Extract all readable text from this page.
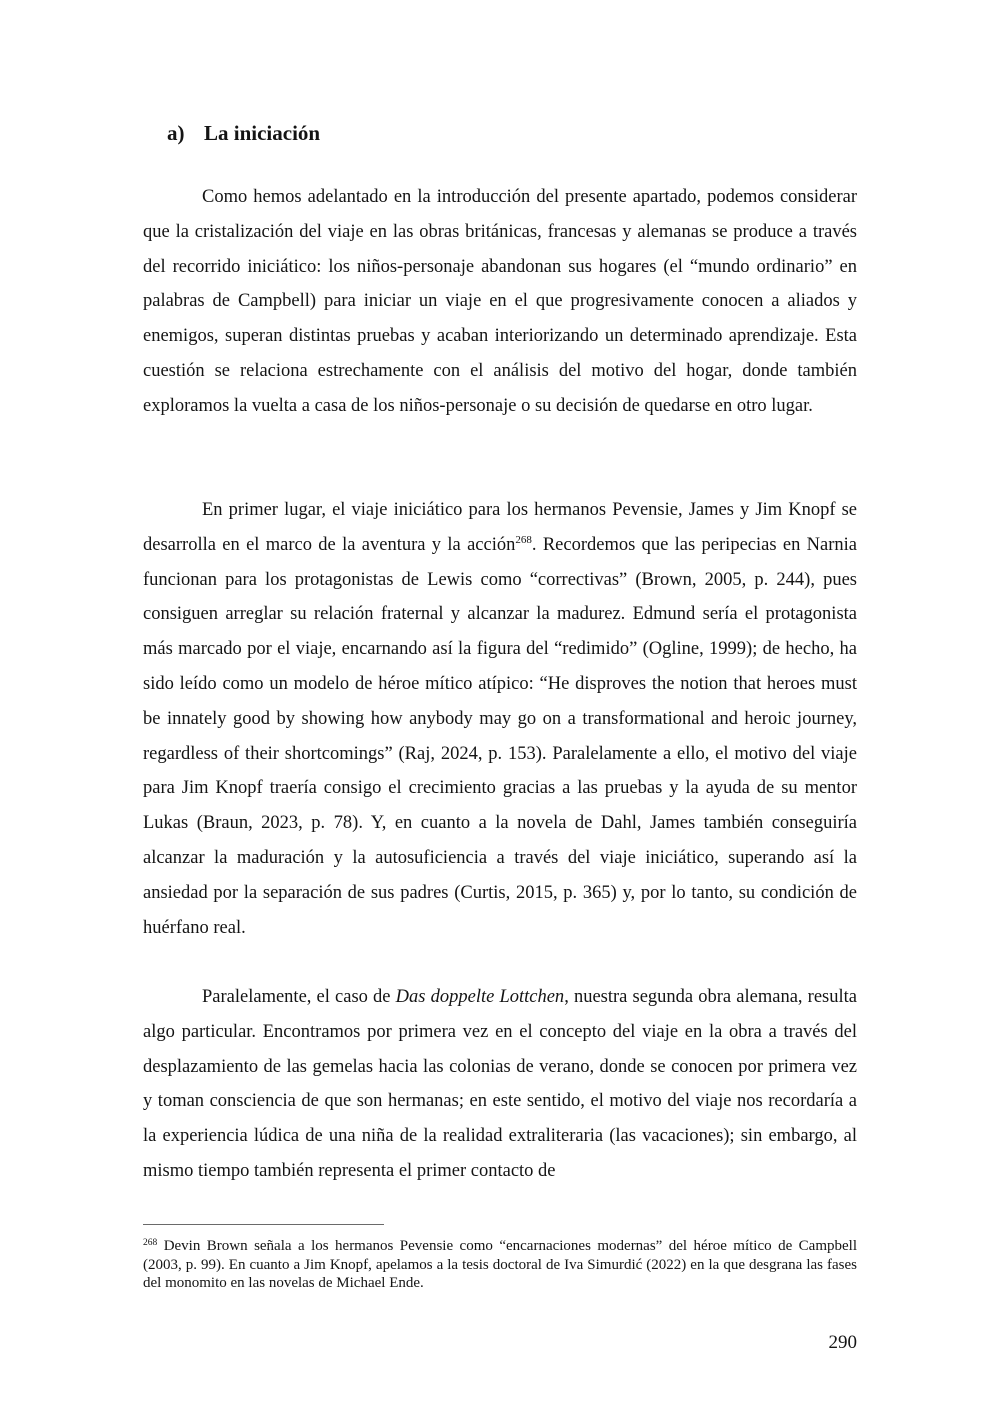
a) La iniciación

Como hemos adelantado en la introducción del presente apartado, podemos considerar que la cristalización del viaje en las obras británicas, francesas y alemanas se produce a través del recorrido iniciático: los niños-personaje abandonan sus hogares (el “mundo ordinario” en palabras de Campbell) para iniciar un viaje en el que progresivamente conocen a aliados y enemigos, superan distintas pruebas y acaban interiorizando un determinado aprendizaje. Esta cuestión se relaciona estrechamente con el análisis del motivo del hogar, donde también exploramos la vuelta a casa de los niños-personaje o su decisión de quedarse en otro lugar.

En primer lugar, el viaje iniciático para los hermanos Pevensie, James y Jim Knopf se desarrolla en el marco de la aventura y la acción$^{268}$. Recordemos que las peripecias en Narnia funcionan para los protagonistas de Lewis como “correctivas” (Brown, 2005, p. 244), pues consiguen arreglar su relación fraternal y alcanzar la madurez. Edmund sería el protagonista más marcado por el viaje, encarnando así la figura del “redimido” (Ogline, 1999); de hecho, ha sido leído como un modelo de héroe mítico atípico: “He disproves the notion that heroes must be innately good by showing how anybody may go on a transformational and heroic journey, regardless of their shortcomings” (Raj, 2024, p. 153). Paralelamente a ello, el motivo del viaje para Jim Knopf traería consigo el crecimiento gracias a las pruebas y la ayuda de su mentor Lukas (Braun, 2023, p. 78). Y, en cuanto a la novela de Dahl, James también conseguiría alcanzar la maduración y la autosuficiencia a través del viaje iniciático, superando así la ansiedad por la separación de sus padres (Curtis, 2015, p. 365) y, por lo tanto, su condición de huérfano real.

Paralelamente, el caso de Das doppelte Lottchen, nuestra segunda obra alemana, resulta algo particular. Encontramos por primera vez en el concepto del viaje en la obra a través del desplazamiento de las gemelas hacia las colonias de verano, donde se conocen por primera vez y toman consciencia de que son hermanas; en este sentido, el motivo del viaje nos recordaría a la experiencia lúdica de una niña de la realidad extraliteraria (las vacaciones); sin embargo, al mismo tiempo también representa el primer contacto de

$^{268}$ Devin Brown señala a los hermanos Pevensie como “encarnaciones modernas” del héroe mítico de Campbell (2003, p. 99). En cuanto a Jim Knopf, apelamos a la tesis doctoral de Iva Simurdić (2022) en la que desgrana las fases del monomito en las novelas de Michael Ende.

290
